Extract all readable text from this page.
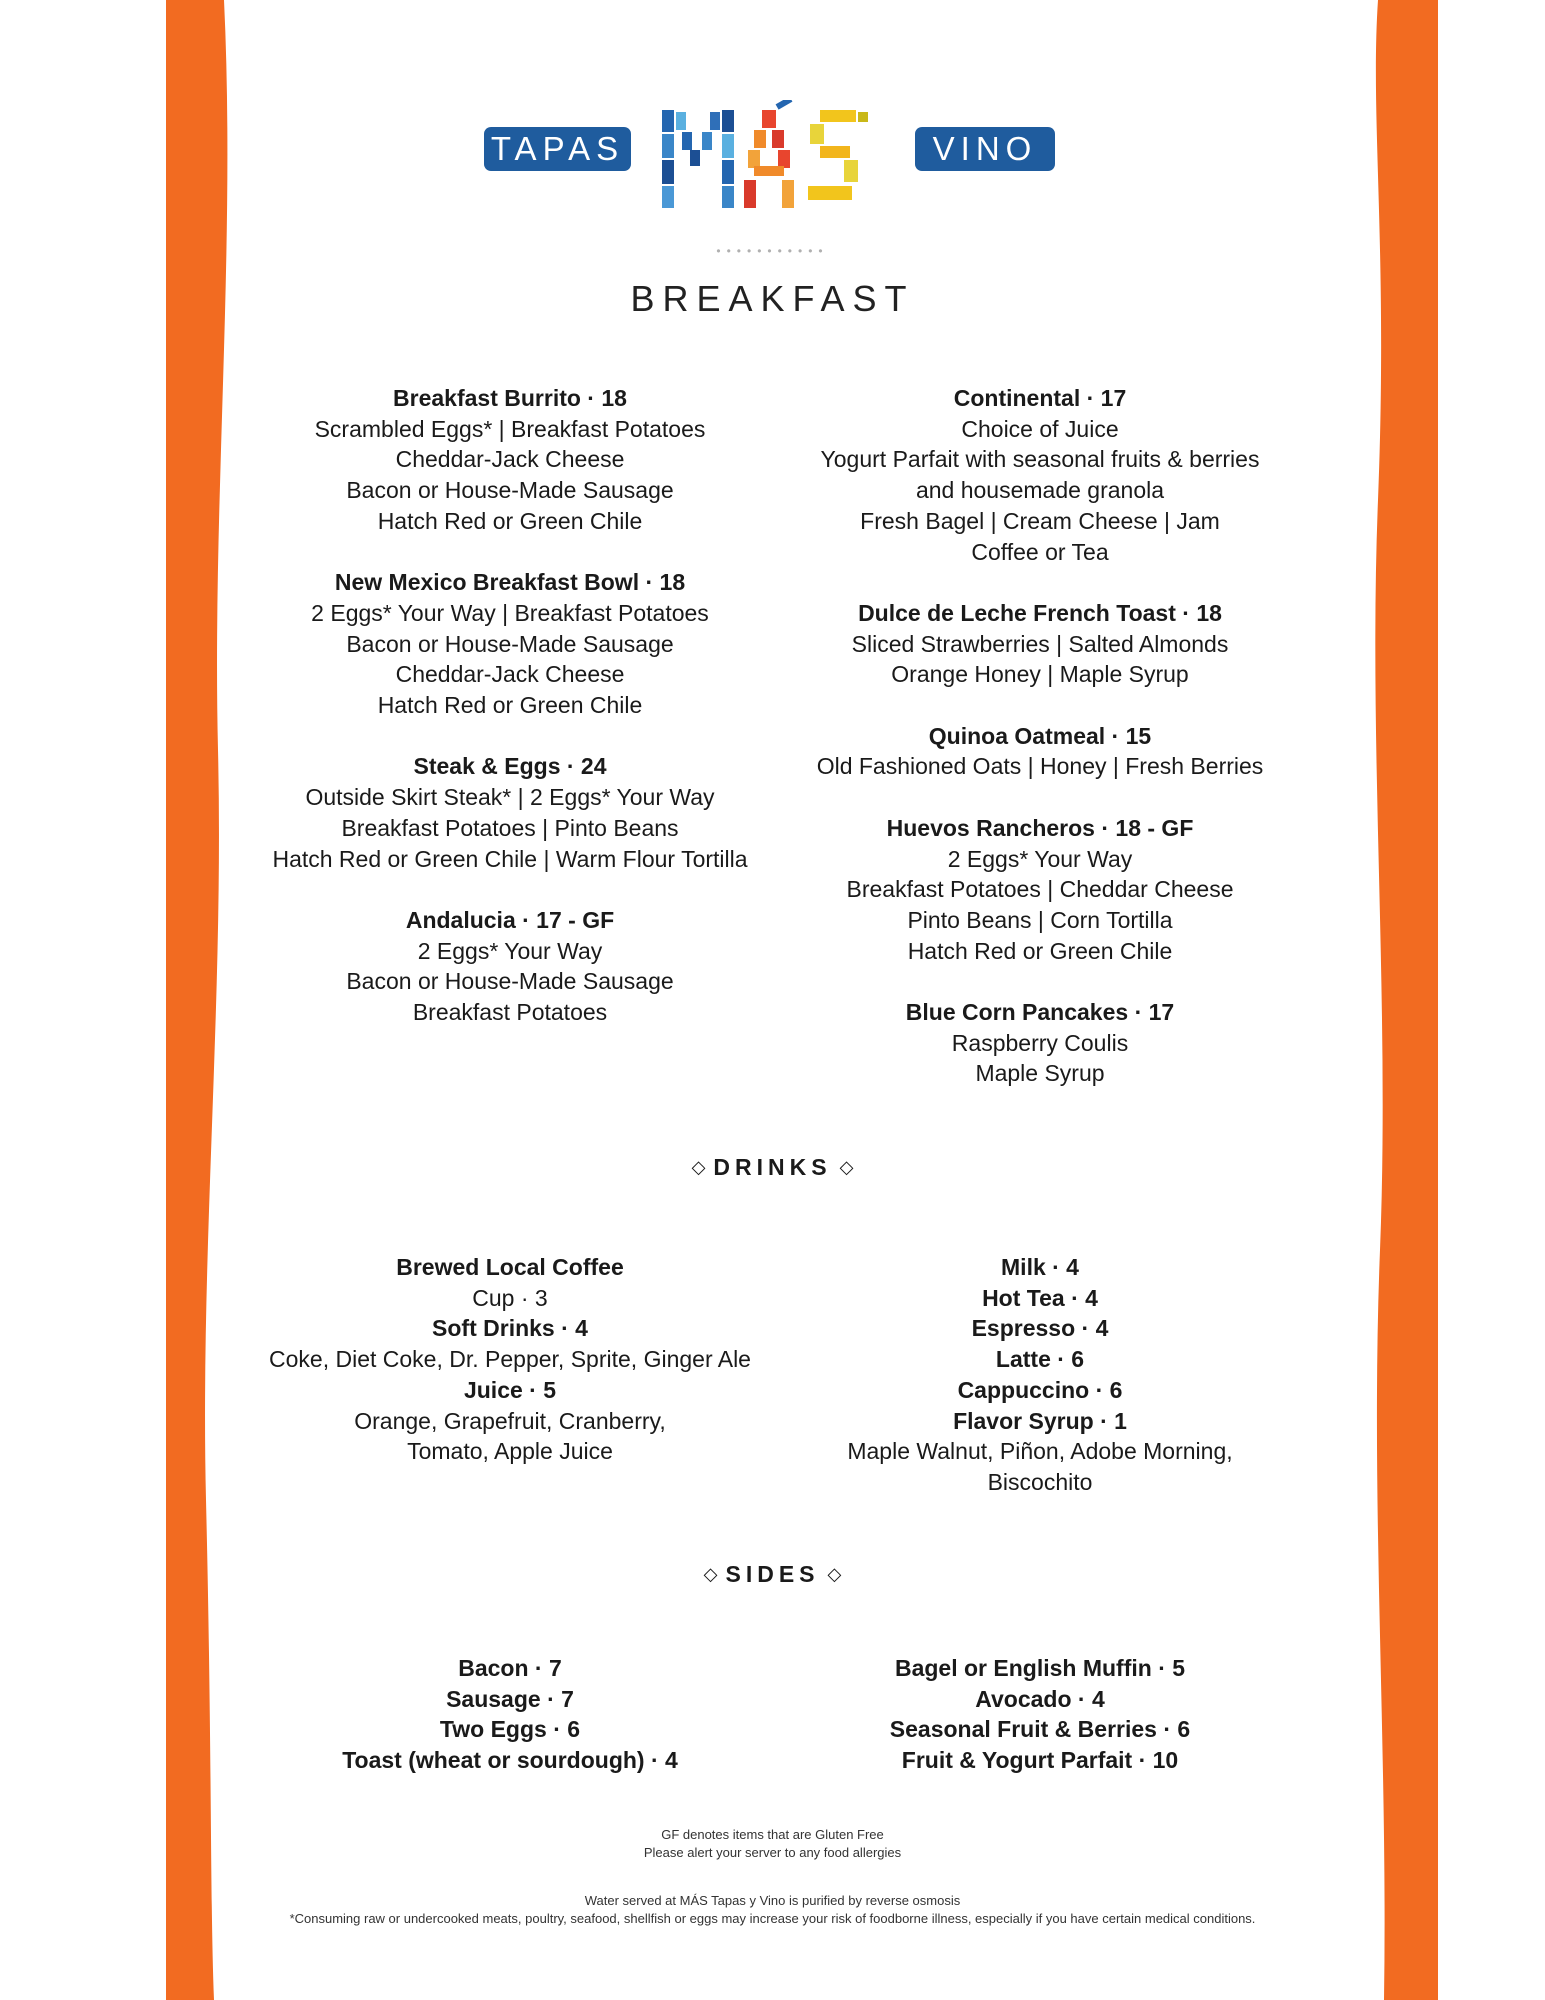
TAPAS	VINO
•••••••••••
BREAKFAST
Breakfast Burrito · 18
Scrambled Eggs* | Breakfast Potatoes
Cheddar-Jack Cheese
Bacon or House-Made Sausage
Hatch Red or Green Chile
New Mexico Breakfast Bowl · 18
2 Eggs* Your Way | Breakfast Potatoes
Bacon or House-Made Sausage
Cheddar-Jack Cheese
Hatch Red or Green Chile
Steak & Eggs · 24
Outside Skirt Steak* | 2 Eggs* Your Way
Breakfast Potatoes | Pinto Beans
Hatch Red or Green Chile | Warm Flour Tortilla
Andalucia · 17 - GF
2 Eggs* Your Way
Bacon or House-Made Sausage
Breakfast Potatoes
Continental · 17
Choice of Juice
Yogurt Parfait with seasonal fruits & berries
and housemade granola
Fresh Bagel | Cream Cheese | Jam
Coffee or Tea
Dulce de Leche French Toast · 18
Sliced Strawberries | Salted Almonds
Orange Honey | Maple Syrup
Quinoa Oatmeal · 15
Old Fashioned Oats | Honey | Fresh Berries
Huevos Rancheros · 18 - GF
2 Eggs* Your Way
Breakfast Potatoes | Cheddar Cheese
Pinto Beans | Corn Tortilla
Hatch Red or Green Chile
Blue Corn Pancakes · 17
Raspberry Coulis
Maple Syrup
◇ DRINKS ◇
Brewed Local Coffee
Cup · 3
Soft Drinks · 4
Coke, Diet Coke, Dr. Pepper, Sprite, Ginger Ale
Juice · 5
Orange, Grapefruit, Cranberry,
Tomato, Apple Juice
Milk · 4
Hot Tea · 4
Espresso · 4
Latte · 6
Cappuccino · 6
Flavor Syrup · 1
Maple Walnut, Piñon, Adobe Morning,
Biscochito
◇ SIDES ◇
Bacon · 7
Sausage · 7
Two Eggs · 6
Toast (wheat or sourdough) · 4
Bagel or English Muffin · 5
Avocado · 4
Seasonal Fruit & Berries · 6
Fruit & Yogurt Parfait · 10
GF denotes items that are Gluten Free
Please alert your server to any food allergies
Water served at MÁS Tapas y Vino is purified by reverse osmosis
*Consuming raw or undercooked meats, poultry, seafood, shellfish or eggs may increase your risk of foodborne illness, especially if you have certain medical conditions.
